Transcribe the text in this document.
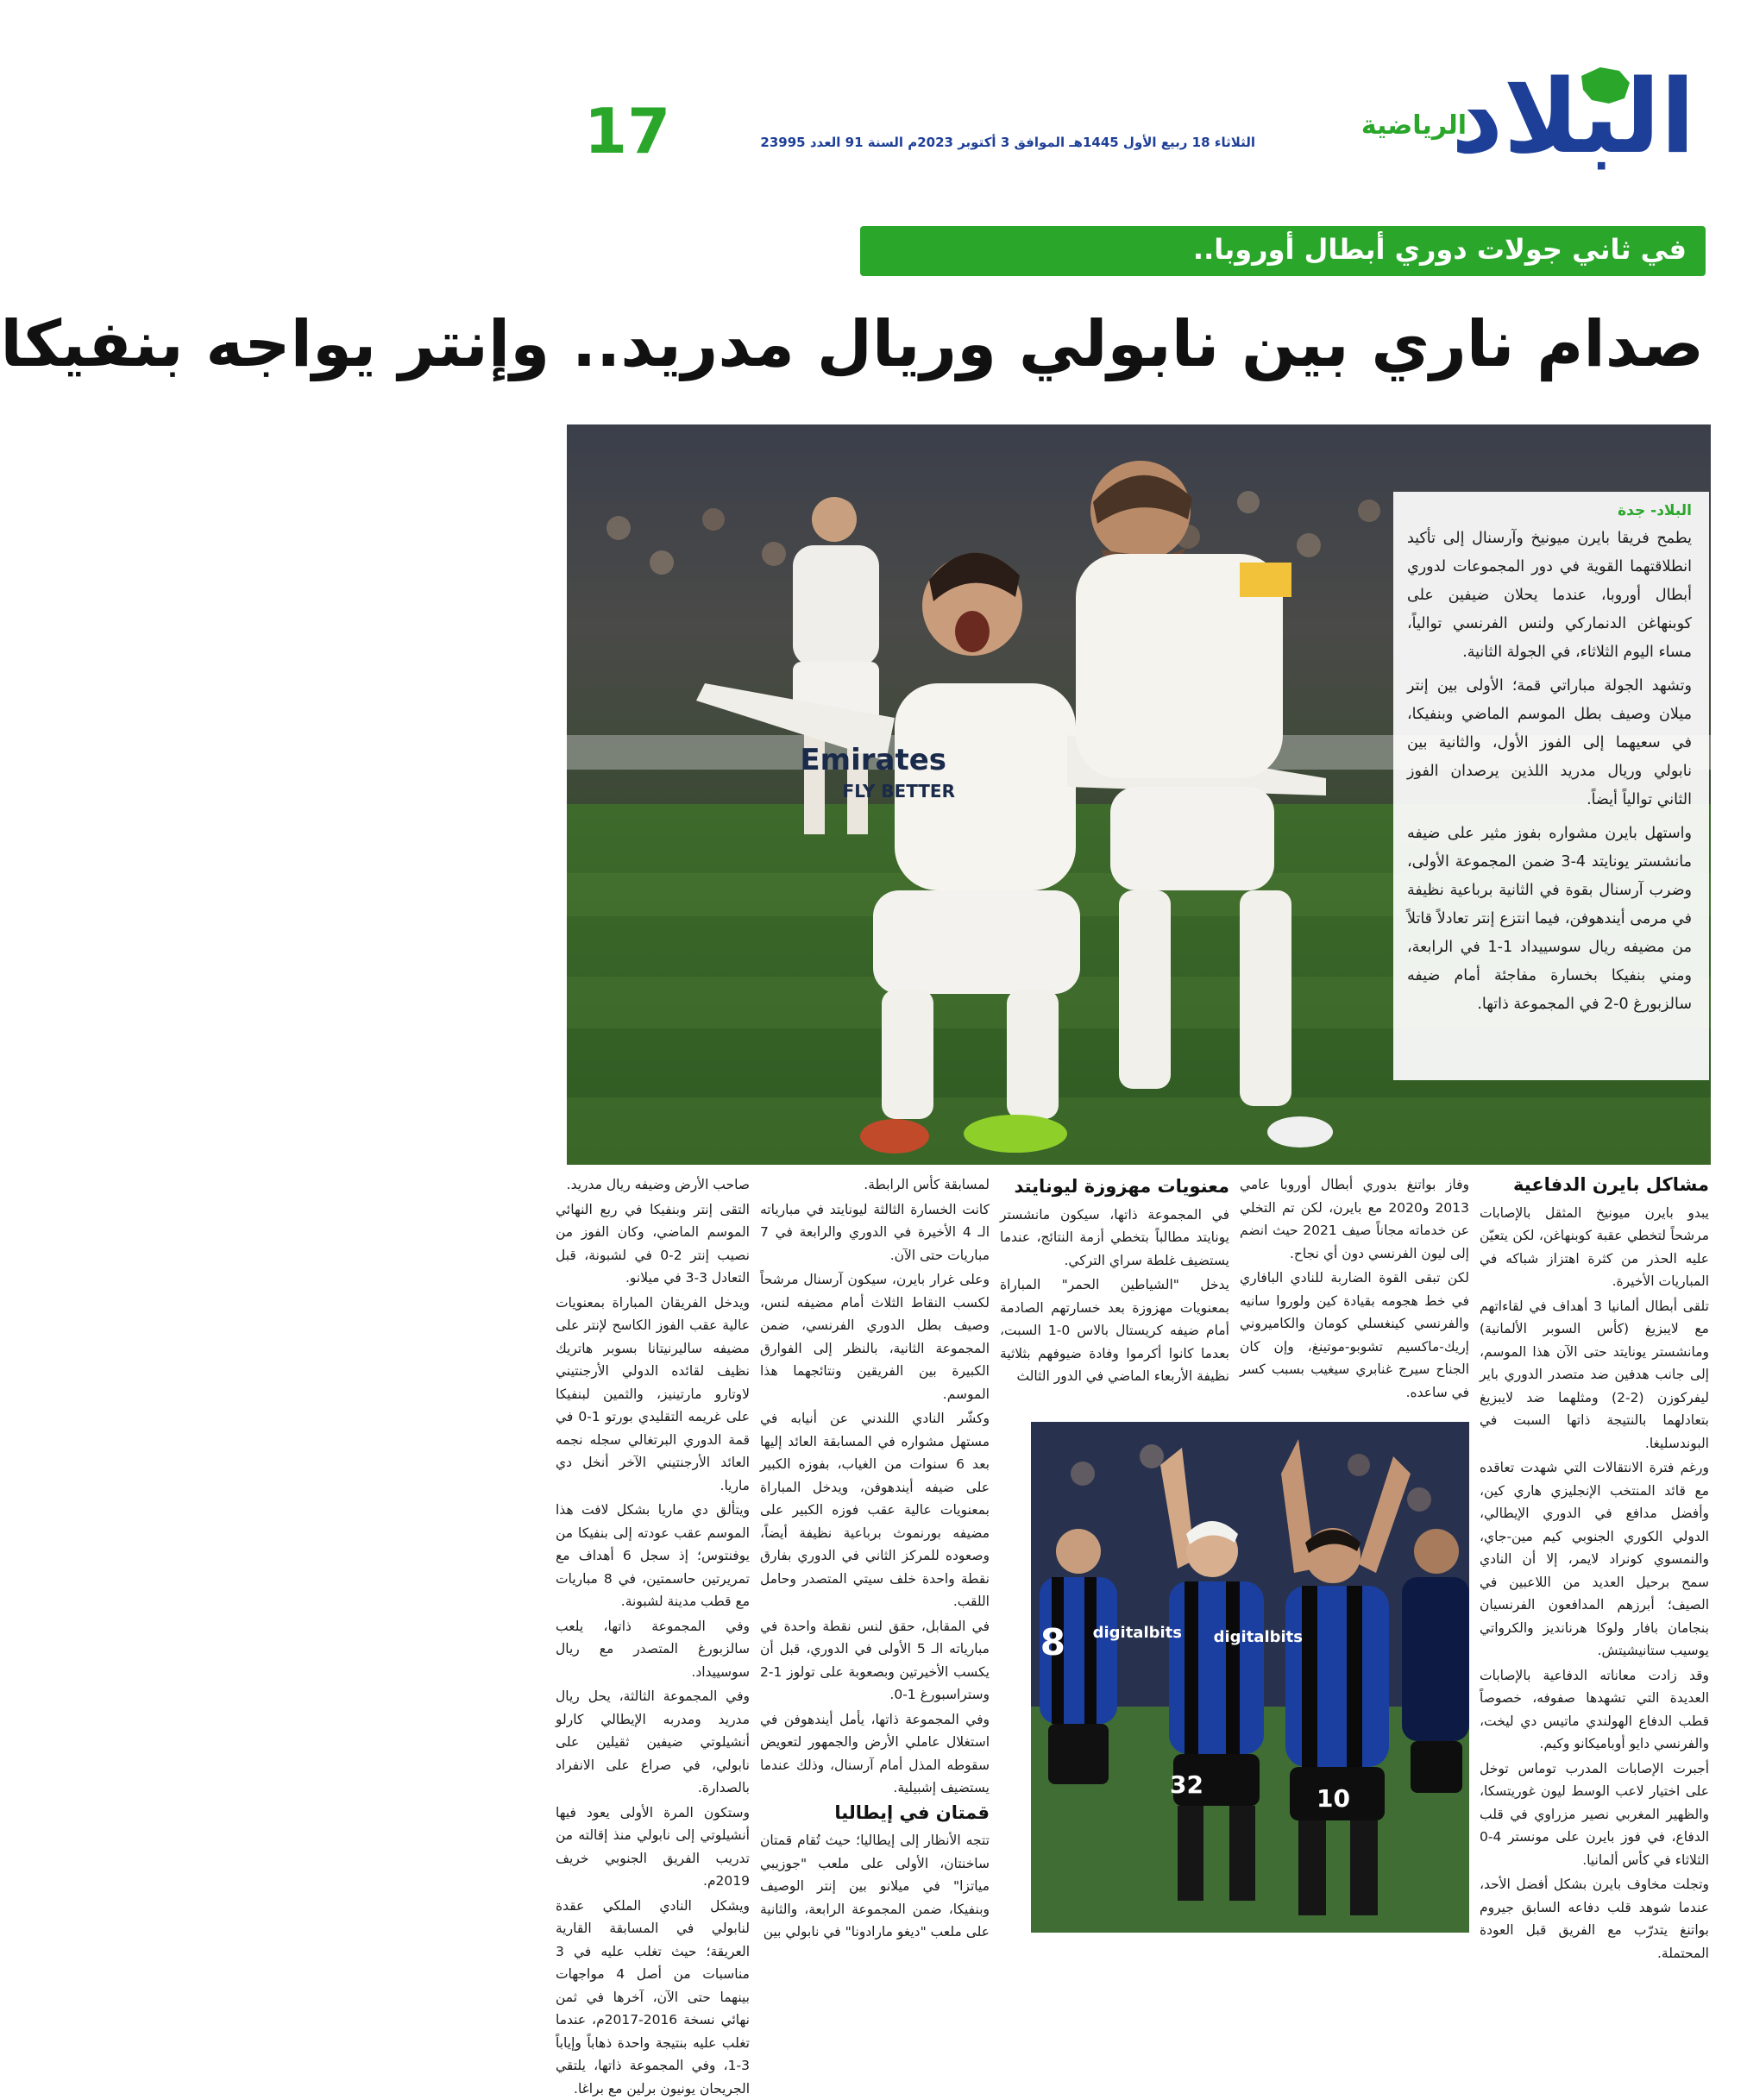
البلاد
الرياضية
الثلاثاء 18 ربيع الأول 1445هـ الموافق 3 أكتوبر 2023م السنة 91 العدد 23995
17
في ثاني جولات دوري أبطال أوروبا..
صدام ناري بين نابولي وريال مدريد.. وإنتر يواجه بنفيكا
Emirates
FLY BETTER
البلاد- جدة

يطمح فريقا بايرن ميونيخ وآرسنال إلى تأكيد انطلاقتهما القوية في دور المجموعات لدوري أبطال أوروبا، عندما يحلان ضيفين على كوبنهاغن الدنماركي ولنس الفرنسي توالياً، مساء اليوم الثلاثاء، في الجولة الثانية.

وتشهد الجولة مباراتي قمة؛ الأولى بين إنتر ميلان وصيف بطل الموسم الماضي وبنفيكا، في سعيهما إلى الفوز الأول، والثانية بين نابولي وريال مدريد اللذين يرصدان الفوز الثاني توالياً أيضاً.

واستهل بايرن مشواره بفوز مثير على ضيفه مانشستر يونايتد 4-3 ضمن المجموعة الأولى، وضرب آرسنال بقوة في الثانية برباعية نظيفة في مرمى أيندهوفن، فيما انتزع إنتر تعادلاً قاتلاً من مضيفه ريال سوسييداد 1-1 في الرابعة، ومني بنفيكا بخسارة مفاجئة أمام ضيفه سالزبورغ 0-2 في المجموعة ذاتها.

مشاكل بايرن الدفاعية

يبدو بايرن ميونيخ المثقل بالإصابات مرشحاً لتخطي عقبة كوبنهاغن، لكن يتعيّن عليه الحذر من كثرة اهتزاز شباكه في المباريات الأخيرة.

تلقى أبطال ألمانيا 3 أهداف في لقاءاتهم مع لايبزيغ (كأس السوبر الألمانية) ومانشستر يونايتد حتى الآن هذا الموسم، إلى جانب هدفين ضد متصدر الدوري باير ليفركوزن (2-2) ومثلهما ضد لايبزيغ بتعادلهما بالنتيجة ذاتها السبت في البوندسليغا.

ورغم فترة الانتقالات التي شهدت تعاقده مع قائد المنتخب الإنجليزي هاري كين، وأفضل مدافع في الدوري الإيطالي، الدولي الكوري الجنوبي كيم مين-جاي، والنمسوي كونراد لايمر، إلا أن النادي سمح برحيل العديد من اللاعبين في الصيف؛ أبرزهم المدافعون الفرنسيان بنجامان بافار ولوكا هرنانديز والكرواتي يوسيب ستانيشيتش.

وقد زادت معاناته الدفاعية بالإصابات العديدة التي تشهدها صفوفه، خصوصاً قطب الدفاع الهولندي ماتيس دي ليخت، والفرنسي دايو أوباميكانو وكيم.

أجبرت الإصابات المدرب توماس توخل على اختيار لاعب الوسط ليون غوريتسكا، والظهير المغربي نصير مزراوي في قلب الدفاع، في فوز بايرن على مونستر 4-0 الثلاثاء في كأس ألمانيا.

وتجلت مخاوف بايرن بشكل أفضل الأحد، عندما شوهد قلب دفاعه السابق جيروم بواتنغ يتدرّب مع الفريق قبل العودة المحتملة.

وفاز بواتنغ بدوري أبطال أوروبا عامي 2013 و2020 مع بايرن، لكن تم التخلي عن خدماته مجاناً صيف 2021 حيث انضم إلى ليون الفرنسي دون أي نجاح.

لكن تبقى القوة الضاربة للنادي البافاري في خط هجومه بقيادة كين ولوروا سانيه والفرنسي كينغسلي كومان والكاميروني إريك-ماكسيم تشوبو-موتينغ، وإن كان الجناح سيرج غنابري سيغيب بسبب كسر في ساعده.

معنويات مهزوزة ليونايتد

في المجموعة ذاتها، سيكون مانشستر يونايتد مطالباً بتخطي أزمة النتائج، عندما يستضيف غلطة سراي التركي.

يدخل "الشياطين الحمر" المباراة بمعنويات مهزوزة بعد خسارتهم الصادمة أمام ضيفه كريستال بالاس 0-1 السبت، بعدما كانوا أكرموا وفادة ضيوفهم بثلاثية نظيفة الأربعاء الماضي في الدور الثالث

لمسابقة كأس الرابطة.

كانت الخسارة الثالثة ليونايتد في مبارياته الـ 4 الأخيرة في الدوري والرابعة في 7 مباريات حتى الآن.

وعلى غرار بايرن، سيكون آرسنال مرشحاً لكسب النقاط الثلاث أمام مضيفه لنس، وصيف بطل الدوري الفرنسي، ضمن المجموعة الثانية، بالنظر إلى الفوارق الكبيرة بين الفريقين ونتائجهما هذا الموسم.

وكشّر النادي اللندني عن أنيابه في مستهل مشواره في المسابقة العائد إليها بعد 6 سنوات من الغياب، بفوزه الكبير على ضيفه أيندهوفن، ويدخل المباراة بمعنويات عالية عقب فوزه الكبير على مضيفه بورنموث برباعية نظيفة أيضاً، وصعوده للمركز الثاني في الدوري بفارق نقطة واحدة خلف سيتي المتصدر وحامل اللقب.

في المقابل، حقق لنس نقطة واحدة في مبارياته الـ 5 الأولى في الدوري، قبل أن يكسب الأخيرتين وبصعوبة على تولوز 1-2 وستراسبورغ 1-0.

وفي المجموعة ذاتها، يأمل أيندهوفن في استغلال عاملي الأرض والجمهور لتعويض سقوطه المذل أمام آرسنال، وذلك عندما يستضيف إشبيلية.

قمتان في إيطاليا

تتجه الأنظار إلى إيطاليا؛ حيث تُقام قمتان ساخنتان، الأولى على ملعب "جوزيبي مياتزا" في ميلانو بين إنتر الوصيف وبنفيكا، ضمن المجموعة الرابعة، والثانية على ملعب "ديغو مارادونا" في نابولي بين

صاحب الأرض وضيفه ريال مدريد.

التقى إنتر وبنفيكا في ربع النهائي الموسم الماضي، وكان الفوز من نصيب إنتر 2-0 في لشبونة، قبل التعادل 3-3 في ميلانو.

ويدخل الفريقان المباراة بمعنويات عالية عقب الفوز الكاسح لإنتر على مضيفه ساليرنيتانا بسوبر هاتريك نظيف لقائده الدولي الأرجنتيني لاوتارو مارتينيز، والثمين لبنفيكا على غريمه التقليدي بورتو 1-0 في قمة الدوري البرتغالي سجله نجمه العائد الأرجنتيني الآخر أنخل دي ماريا.

ويتألق دي ماريا بشكل لافت هذا الموسم عقب عودته إلى بنفيكا من يوفنتوس؛ إذ سجل 6 أهداف مع تمريرتين حاسمتين، في 8 مباريات مع قطب مدينة لشبونة.

وفي المجموعة ذاتها، يلعب سالزبورغ المتصدر مع ريال سوسييداد.

وفي المجموعة الثالثة، يحل ريال مدريد ومدربه الإيطالي كارلو أنشيلوتي ضيفين ثقيلين على نابولي، في صراع على الانفراد بالصدارة.

وستكون المرة الأولى يعود فيها أنشيلوتي إلى نابولي منذ إقالته من تدريب الفريق الجنوبي خريف 2019م.

ويشكل النادي الملكي عقدة لنابولي في المسابقة القارية العريقة؛ حيث تغلب عليه في 3 مناسبات من أصل 4 مواجهات بينهما حتى الآن، آخرها في ثمن نهائي نسخة 2016-2017م، عندما تغلب عليه بنتيجة واحدة ذهاباً وإياباً 3-1، وفي المجموعة ذاتها، يلتقي الجريحان يونيون برلين مع براغا.

8 digitalbits
32
digitalbits
10
